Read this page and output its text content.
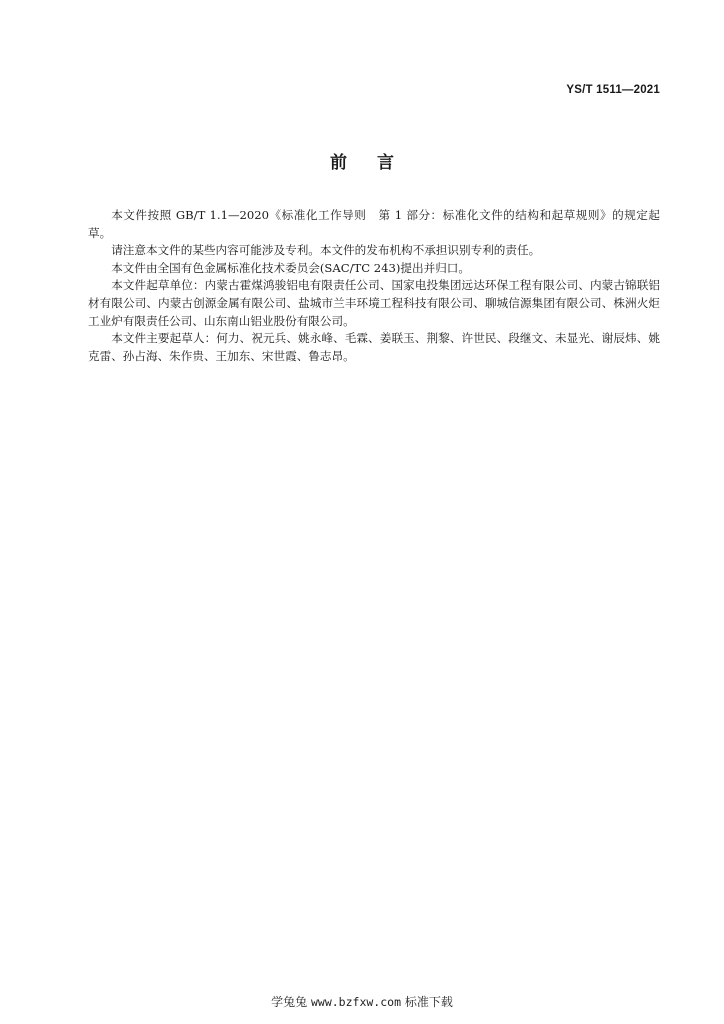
YS/T 1511—2021
前言

本文件按照 GB/T 1.1—2020《标准化工作导则　第 1 部分：标准化文件的结构和起草规则》的规定起草。

请注意本文件的某些内容可能涉及专利。本文件的发布机构不承担识别专利的责任。

本文件由全国有色金属标准化技术委员会(SAC/TC 243)提出并归口。

本文件起草单位：内蒙古霍煤鸿骏铝电有限责任公司、国家电投集团远达环保工程有限公司、内蒙古锦联铝材有限公司、内蒙古创源金属有限公司、盐城市兰丰环境工程科技有限公司、聊城信源集团有限公司、株洲火炬工业炉有限责任公司、山东南山铝业股份有限公司。

本文件主要起草人：何力、祝元兵、姚永峰、毛霖、姜联玉、荆黎、许世民、段继文、未显光、谢辰炜、姚克雷、孙占海、朱作贵、王加东、宋世霞、鲁志昂。

学兔兔 www.bzfxw.com 标准下载
